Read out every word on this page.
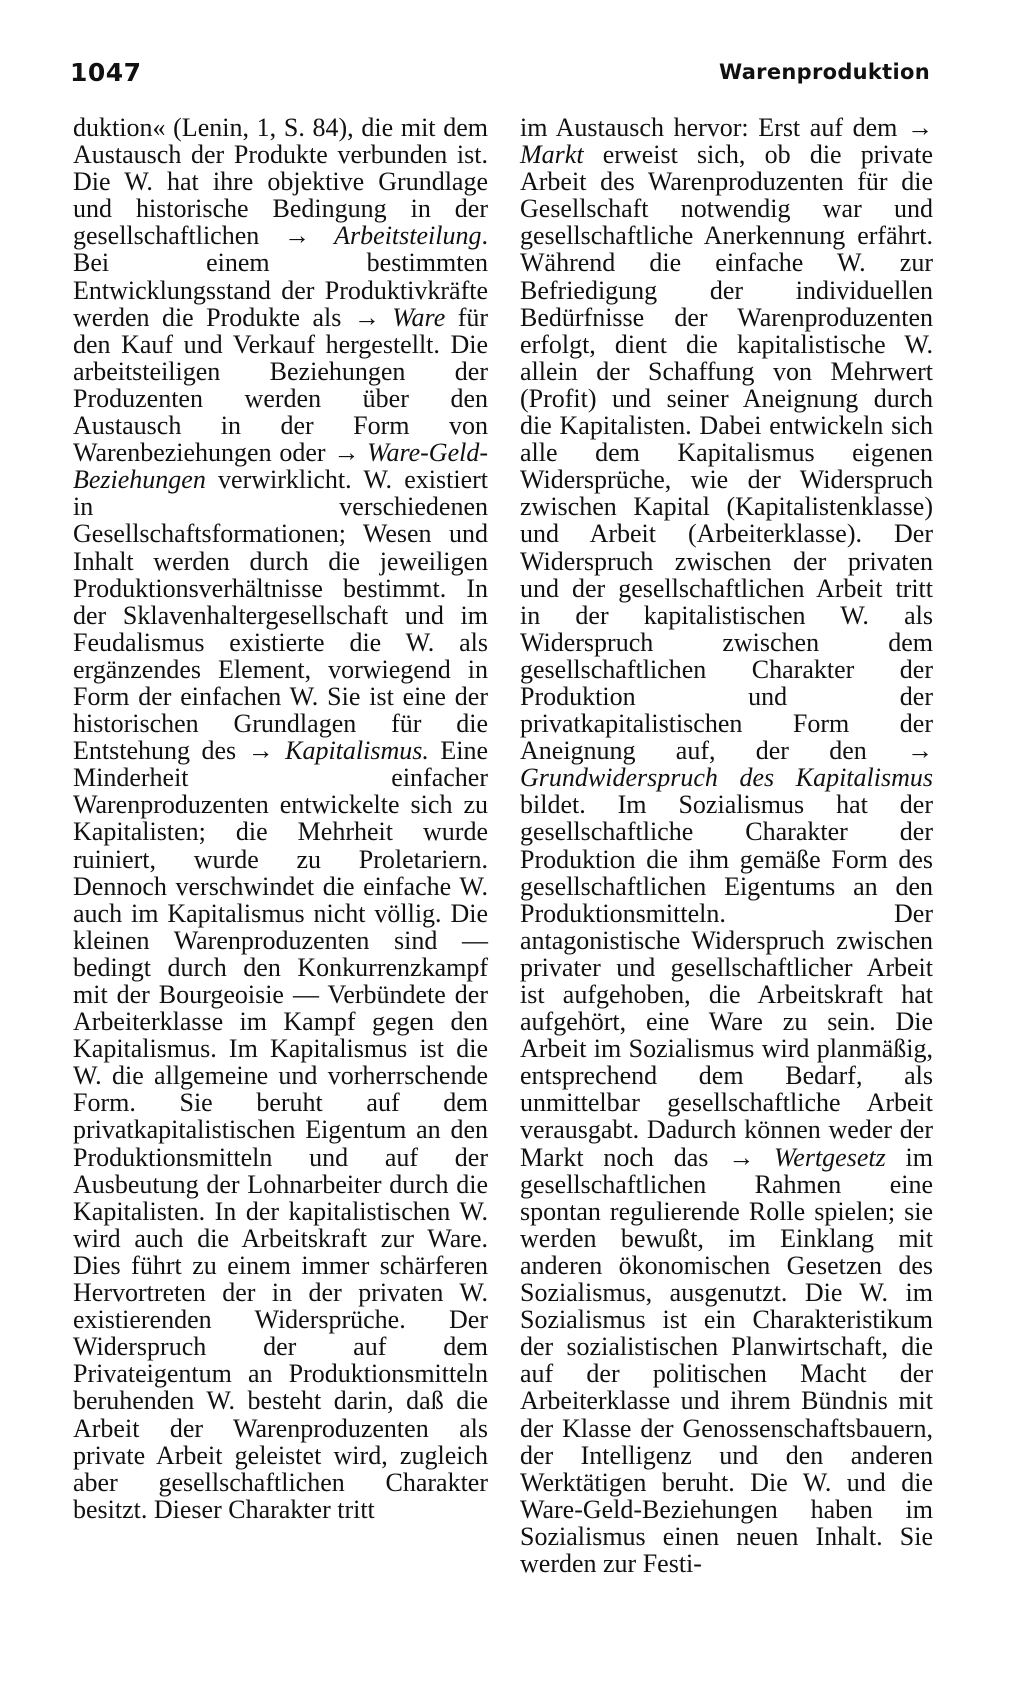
1047	Warenproduktion

duktion« (Lenin, 1, S. 84), die mit dem Austausch der Produkte verbunden ist. Die W. hat ihre objektive Grundlage und historische Bedingung in der gesellschaftlichen → Arbeitsteilung. Bei einem bestimmten Entwicklungsstand der Produktivkräfte werden die Produkte als → Ware für den Kauf und Verkauf hergestellt. Die arbeitsteiligen Beziehungen der Produzenten werden über den Austausch in der Form von Warenbeziehungen oder → Ware-Geld-Beziehungen verwirklicht. W. existiert in verschiedenen Gesellschaftsformationen; Wesen und Inhalt werden durch die jeweiligen Produktionsverhältnisse bestimmt. In der Sklavenhaltergesellschaft und im Feudalismus existierte die W. als ergänzendes Element, vorwiegend in Form der einfachen W. Sie ist eine der historischen Grundlagen für die Entstehung des → Kapitalismus. Eine Minderheit einfacher Warenproduzenten entwickelte sich zu Kapitalisten; die Mehrheit wurde ruiniert, wurde zu Proletariern. Dennoch verschwindet die einfache W. auch im Kapitalismus nicht völlig. Die kleinen Warenproduzenten sind — bedingt durch den Konkurrenzkampf mit der Bourgeoisie — Verbündete der Arbeiterklasse im Kampf gegen den Kapitalismus. Im Kapitalismus ist die W. die allgemeine und vorherrschende Form. Sie beruht auf dem privatkapitalistischen Eigentum an den Produktionsmitteln und auf der Ausbeutung der Lohnarbeiter durch die Kapitalisten. In der kapitalistischen W. wird auch die Arbeitskraft zur Ware. Dies führt zu einem immer schärferen Hervortreten der in der privaten W. existierenden Widersprüche. Der Widerspruch der auf dem Privateigentum an Produktionsmitteln beruhenden W. besteht darin, daß die Arbeit der Warenproduzenten als private Arbeit geleistet wird, zugleich aber gesellschaftlichen Charakter besitzt. Dieser Charakter tritt

im Austausch hervor: Erst auf dem → Markt erweist sich, ob die private Arbeit des Warenproduzenten für die Gesellschaft notwendig war und gesellschaftliche Anerkennung erfährt. Während die einfache W. zur Befriedigung der individuellen Bedürfnisse der Warenproduzenten erfolgt, dient die kapitalistische W. allein der Schaffung von Mehrwert (Profit) und seiner Aneignung durch die Kapitalisten. Dabei entwickeln sich alle dem Kapitalismus eigenen Widersprüche, wie der Widerspruch zwischen Kapital (Kapitalistenklasse) und Arbeit (Arbeiterklasse). Der Widerspruch zwischen der privaten und der gesellschaftlichen Arbeit tritt in der kapitalistischen W. als Widerspruch zwischen dem gesellschaftlichen Charakter der Produktion und der privatkapitalistischen Form der Aneignung auf, der den → Grundwiderspruch des Kapitalismus bildet. Im Sozialismus hat der gesellschaftliche Charakter der Produktion die ihm gemäße Form des gesellschaftlichen Eigentums an den Produktionsmitteln. Der antagonistische Widerspruch zwischen privater und gesellschaftlicher Arbeit ist aufgehoben, die Arbeitskraft hat aufgehört, eine Ware zu sein. Die Arbeit im Sozialismus wird planmäßig, entsprechend dem Bedarf, als unmittelbar gesellschaftliche Arbeit verausgabt. Dadurch können weder der Markt noch das → Wertgesetz im gesellschaftlichen Rahmen eine spontan regulierende Rolle spielen; sie werden bewußt, im Einklang mit anderen ökonomischen Gesetzen des Sozialismus, ausgenutzt. Die W. im Sozialismus ist ein Charakteristikum der sozialistischen Planwirtschaft, die auf der politischen Macht der Arbeiterklasse und ihrem Bündnis mit der Klasse der Genossenschaftsbauern, der Intelligenz und den anderen Werktätigen beruht. Die W. und die Ware-Geld-Beziehungen haben im Sozialismus einen neuen Inhalt. Sie werden zur Festi-
